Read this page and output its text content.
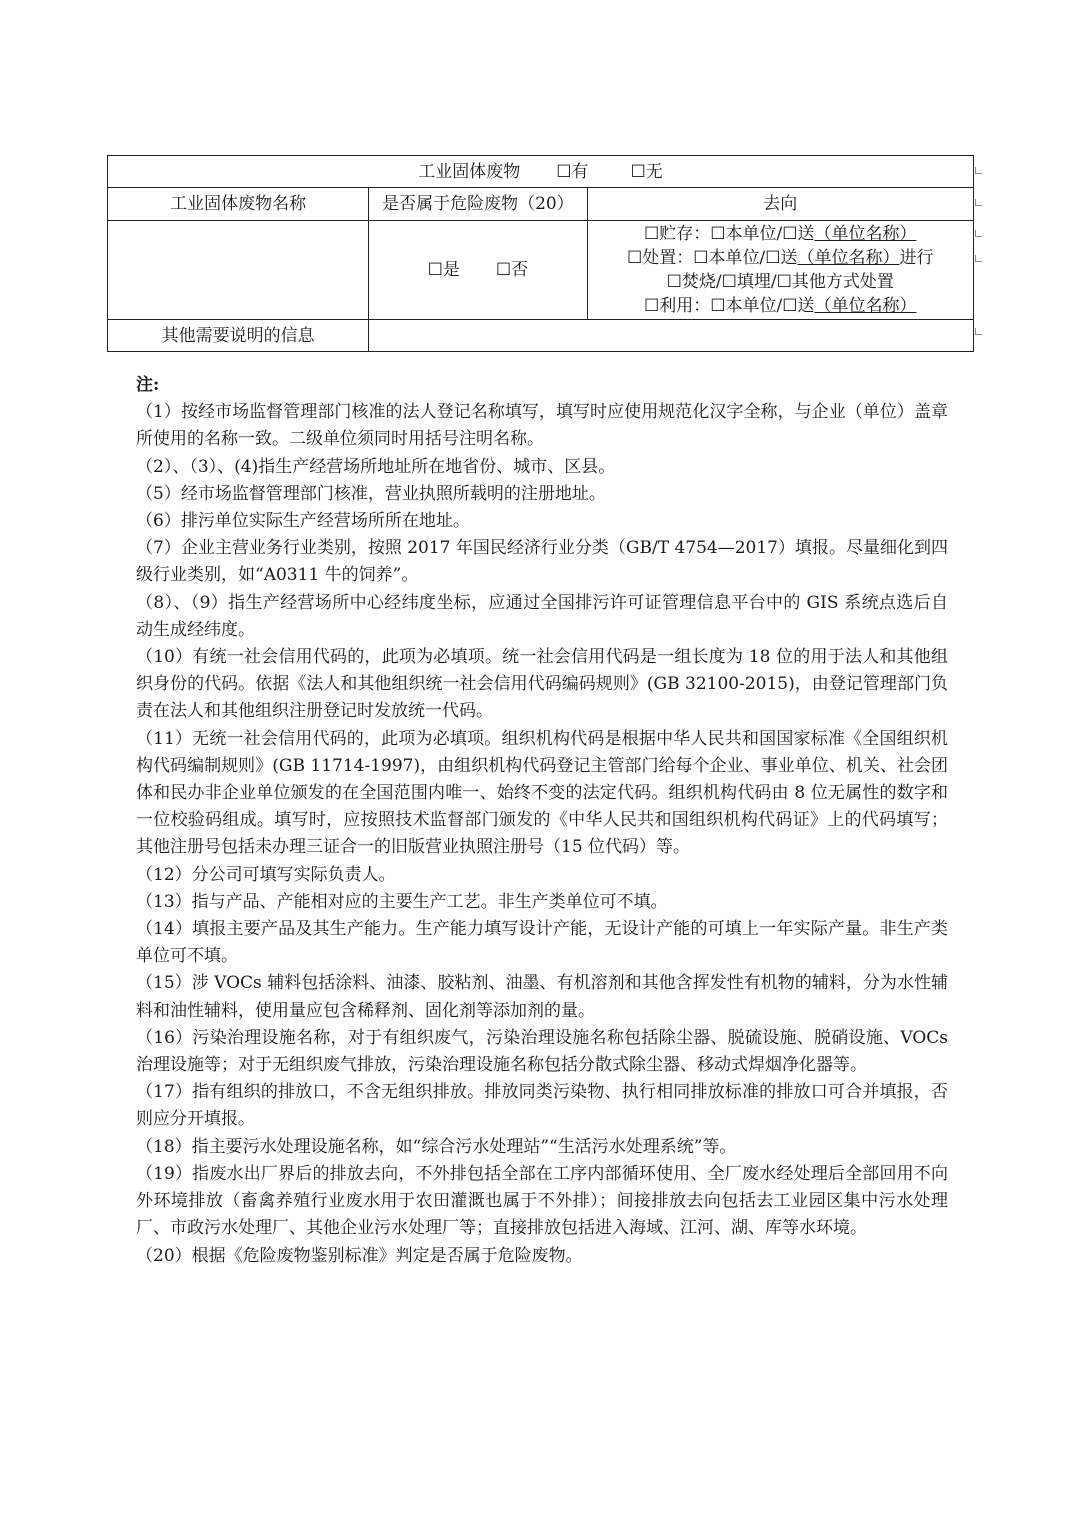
工业固体废物 ☐有 ☐无		
工业固体废物名称	是否属于危险废物（20）	去向
	☐是 ☐否	☐贮存：☐本单位/☐送（单位名称）
☐处置：☐本单位/☐送（单位名称）进行
☐焚烧/☐填埋/☐其他方式处置
☐利用：☐本单位/☐送（单位名称）

其他需要说明的信息		
注:
（1）按经市场监督管理部门核准的法人登记名称填写，填写时应使用规范化汉字全称，与企业（单位）盖章所使用的名称一致。二级单位须同时用括号注明名称。
（2）、（3）、(4)指生产经营场所地址所在地省份、城市、区县。
（5）经市场监督管理部门核准，营业执照所载明的注册地址。
（6）排污单位实际生产经营场所所在地址。
（7）企业主营业务行业类别，按照 2017 年国民经济行业分类（GB/T 4754—2017）填报。尽量细化到四级行业类别，如“A0311 牛的饲养”。
（8）、（9）指生产经营场所中心经纬度坐标，应通过全国排污许可证管理信息平台中的 GIS 系统点选后自动生成经纬度。
（10）有统一社会信用代码的，此项为必填项。统一社会信用代码是一组长度为 18 位的用于法人和其他组织身份的代码。依据《法人和其他组织统一社会信用代码编码规则》(GB 32100-2015)，由登记管理部门负责在法人和其他组织注册登记时发放统一代码。
（11）无统一社会信用代码的，此项为必填项。组织机构代码是根据中华人民共和国国家标准《全国组织机构代码编制规则》(GB 11714-1997)，由组织机构代码登记主管部门给每个企业、事业单位、机关、社会团体和民办非企业单位颁发的在全国范围内唯一、始终不变的法定代码。组织机构代码由 8 位无属性的数字和一位校验码组成。填写时，应按照技术监督部门颁发的《中华人民共和国组织机构代码证》上的代码填写；其他注册号包括未办理三证合一的旧版营业执照注册号（15 位代码）等。
（12）分公司可填写实际负责人。
（13）指与产品、产能相对应的主要生产工艺。非生产类单位可不填。
（14）填报主要产品及其生产能力。生产能力填写设计产能，无设计产能的可填上一年实际产量。非生产类单位可不填。
（15）涉 VOCs 辅料包括涂料、油漆、胶粘剂、油墨、有机溶剂和其他含挥发性有机物的辅料，分为水性辅料和油性辅料，使用量应包含稀释剂、固化剂等添加剂的量。
（16）污染治理设施名称，对于有组织废气，污染治理设施名称包括除尘器、脱硫设施、脱硝设施、VOCs 治理设施等；对于无组织废气排放，污染治理设施名称包括分散式除尘器、移动式焊烟净化器等。
（17）指有组织的排放口，不含无组织排放。排放同类污染物、执行相同排放标准的排放口可合并填报，否则应分开填报。
（18）指主要污水处理设施名称，如“综合污水处理站”“生活污水处理系统”等。
（19）指废水出厂界后的排放去向，不外排包括全部在工序内部循环使用、全厂废水经处理后全部回用不向外环境排放（畜禽养殖行业废水用于农田灌溉也属于不外排）；间接排放去向包括去工业园区集中污水处理厂、市政污水处理厂、其他企业污水处理厂等；直接排放包括进入海域、江河、湖、库等水环境。
（20）根据《危险废物鉴别标准》判定是否属于危险废物。
